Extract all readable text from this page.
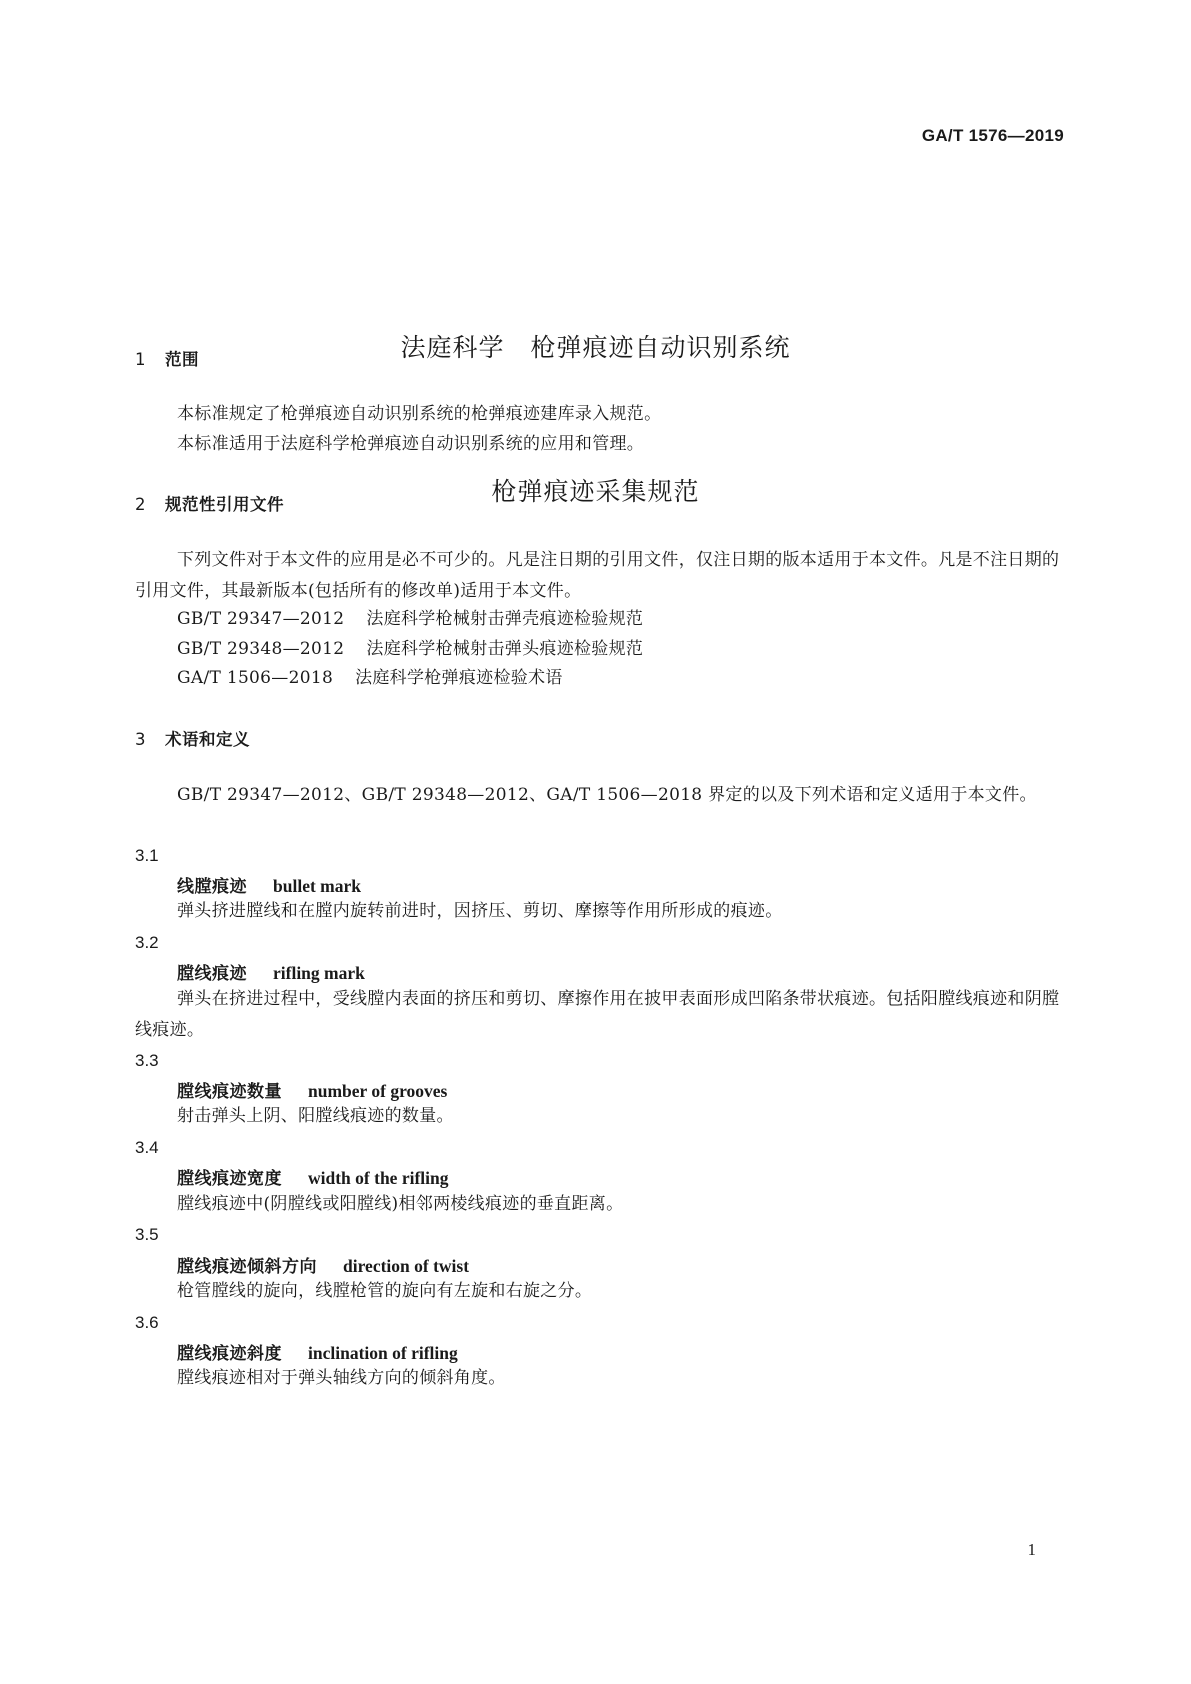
GA/T 1576—2019

法庭科学　枪弹痕迹自动识别系统

枪弹痕迹采集规范

1 范围
本标准规定了枪弹痕迹自动识别系统的枪弹痕迹建库录入规范。
本标准适用于法庭科学枪弹痕迹自动识别系统的应用和管理。
2 规范性引用文件
下列文件对于本文件的应用是必不可少的。凡是注日期的引用文件，仅注日期的版本适用于本文件。凡是不注日期的引用文件，其最新版本(包括所有的修改单)适用于本文件。
GB/T 29347—2012 法庭科学枪械射击弹壳痕迹检验规范
GB/T 29348—2012 法庭科学枪械射击弹头痕迹检验规范
GA/T 1506—2018 法庭科学枪弹痕迹检验术语
3 术语和定义
GB/T 29347—2012、GB/T 29348—2012、GA/T 1506—2018 界定的以及下列术语和定义适用于本文件。
3.1
线膛痕迹 bullet mark
弹头挤进膛线和在膛内旋转前进时，因挤压、剪切、摩擦等作用所形成的痕迹。
3.2
膛线痕迹 rifling mark
弹头在挤进过程中，受线膛内表面的挤压和剪切、摩擦作用在披甲表面形成凹陷条带状痕迹。包括阳膛线痕迹和阴膛线痕迹。
3.3
膛线痕迹数量 number of grooves
射击弹头上阴、阳膛线痕迹的数量。
3.4
膛线痕迹宽度 width of the rifling
膛线痕迹中(阴膛线或阳膛线)相邻两棱线痕迹的垂直距离。
3.5
膛线痕迹倾斜方向 direction of twist
枪管膛线的旋向，线膛枪管的旋向有左旋和右旋之分。
3.6
膛线痕迹斜度 inclination of rifling
膛线痕迹相对于弹头轴线方向的倾斜角度。
1
